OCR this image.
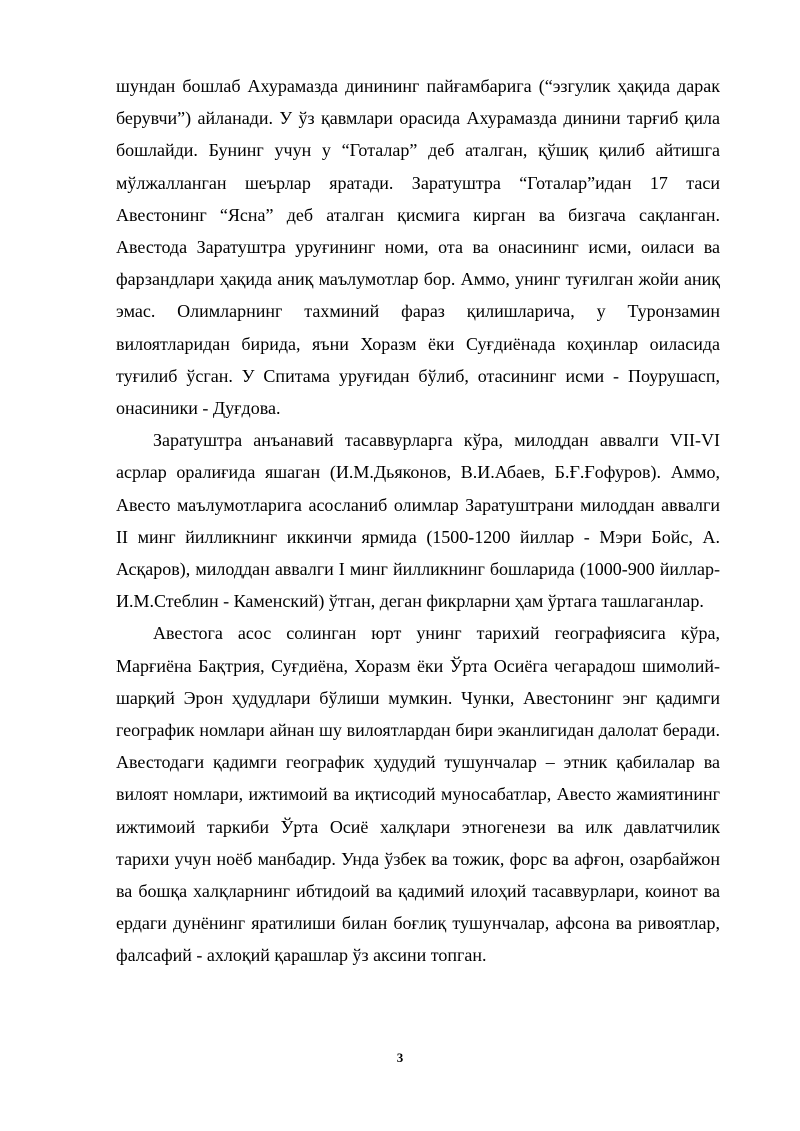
шундан бошлаб Ахурамазда динининг пайғамбарига (“эзгулик ҳақида дарак берувчи”) айланади. У ўз қавмлари орасида Ахурамазда динини тарғиб қила бошлайди. Бунинг учун у “Готалар” деб аталган, қўшиқ қилиб айтишга мўлжалланган шеърлар яратади. Заратуштра “Готалар”идан 17 таси Авестонинг “Ясна” деб аталган қисмига кирган ва бизгача сақланган. Авестода Заратуштра уруғининг номи, ота ва онасининг исми, оиласи ва фарзандлари ҳақида аниқ маълумотлар бор. Аммо, унинг туғилган жойи аниқ эмас. Олимларнинг тахминий фараз қилишларича, у Туронзамин вилоятларидан бирида, яъни Хоразм ёки Суғдиёнада коҳинлар оиласида туғилиб ўсган. У Спитама уруғидан бўлиб, отасининг исми - Поурушасп, онасиники - Дуғдова.

Заратуштра анъанавий тасаввурларга кўра, милоддан аввалги VII-VI асрлар оралиғида яшаган (И.М.Дьяконов, В.И.Абаев, Б.Ғ.Ғофуров). Аммо, Авесто маълумотларига асосланиб олимлар Заратуштрани милоддан аввалги II минг йилликнинг иккинчи ярмида (1500-1200 йиллар - Мэри Бойс, А. Асқаров), милоддан аввалги I минг йилликнинг бошларида (1000-900 йиллар-И.М.Стеблин - Каменский) ўтган, деган фикрларни ҳам ўртага ташлаганлар.

Авестога асос солинган юрт унинг тарихий географиясига кўра, Марғиёна Бақтрия, Суғдиёна, Хоразм ёки Ўрта Осиёга чегарадош шимолий-шарқий Эрон ҳудудлари бўлиши мумкин. Чунки, Авестонинг энг қадимги географик номлари айнан шу вилоятлардан бири эканлигидан далолат беради. Авестодаги қадимги географик ҳудудий тушунчалар – этник қабилалар ва вилоят номлари, ижтимоий ва иқтисодий муносабатлар, Авесто жамиятининг ижтимоий таркиби Ўрта Осиё халқлари этногенези ва илк давлатчилик тарихи учун ноёб манбадир. Унда ўзбек ва тожик, форс ва афғон, озарбайжон ва бошқа халқларнинг ибтидоий ва қадимий илоҳий тасаввурлари, коинот ва ердаги дунёнинг яратилиши билан боғлиқ тушунчалар, афсона ва ривоятлар, фалсафий - ахлоқий қарашлар ўз аксини топган.

3
